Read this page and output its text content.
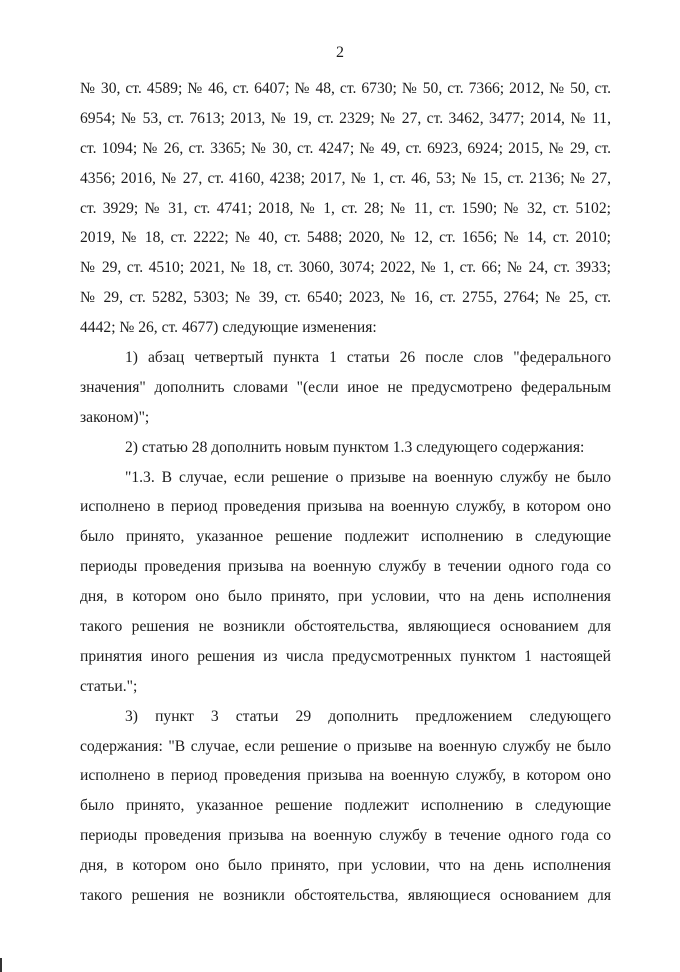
2
№ 30, ст. 4589; № 46, ст. 6407; № 48, ст. 6730; № 50, ст. 7366; 2012, № 50, ст.
6954; № 53, ст. 7613; 2013, № 19, ст. 2329; № 27, ст. 3462, 3477; 2014, № 11,
ст. 1094; № 26, ст. 3365; № 30, ст. 4247; № 49, ст. 6923, 6924; 2015, № 29, ст.
4356; 2016, № 27, ст. 4160, 4238; 2017, № 1, ст. 46, 53; № 15, ст. 2136; № 27,
ст. 3929; № 31, ст. 4741; 2018, № 1, ст. 28; № 11, ст. 1590; № 32, ст. 5102;
2019, № 18, ст. 2222; № 40, ст. 5488; 2020, № 12, ст. 1656; № 14, ст. 2010;
№ 29, ст. 4510; 2021, № 18, ст. 3060, 3074; 2022, № 1, ст. 66; № 24, ст. 3933;
№ 29, ст. 5282, 5303; № 39, ст. 6540; 2023, № 16, ст. 2755, 2764; № 25, ст.
4442; № 26, ст. 4677) следующие изменения:
1) абзац четвертый пункта 1 статьи 26 после слов "федерального
значения" дополнить словами "(если иное не предусмотрено федеральным
законом)";
2) статью 28 дополнить новым пунктом 1.3 следующего содержания:
"1.3. В случае, если решение о призыве на военную службу не было
исполнено в период проведения призыва на военную службу, в котором оно
было принято, указанное решение подлежит исполнению в следующие
периоды проведения призыва на военную службу в течении одного года со
дня, в котором оно было принято, при условии, что на день исполнения
такого решения не возникли обстоятельства, являющиеся основанием для
принятия иного решения из числа предусмотренных пунктом 1 настоящей
статьи.";
3) пункт 3 статьи 29 дополнить предложением следующего
содержания: "В случае, если решение о призыве на военную службу не было
исполнено в период проведения призыва на военную службу, в котором оно
было принято, указанное решение подлежит исполнению в следующие
периоды проведения призыва на военную службу в течение одного года со
дня, в котором оно было принято, при условии, что на день исполнения
такого решения не возникли обстоятельства, являющиеся основанием для
